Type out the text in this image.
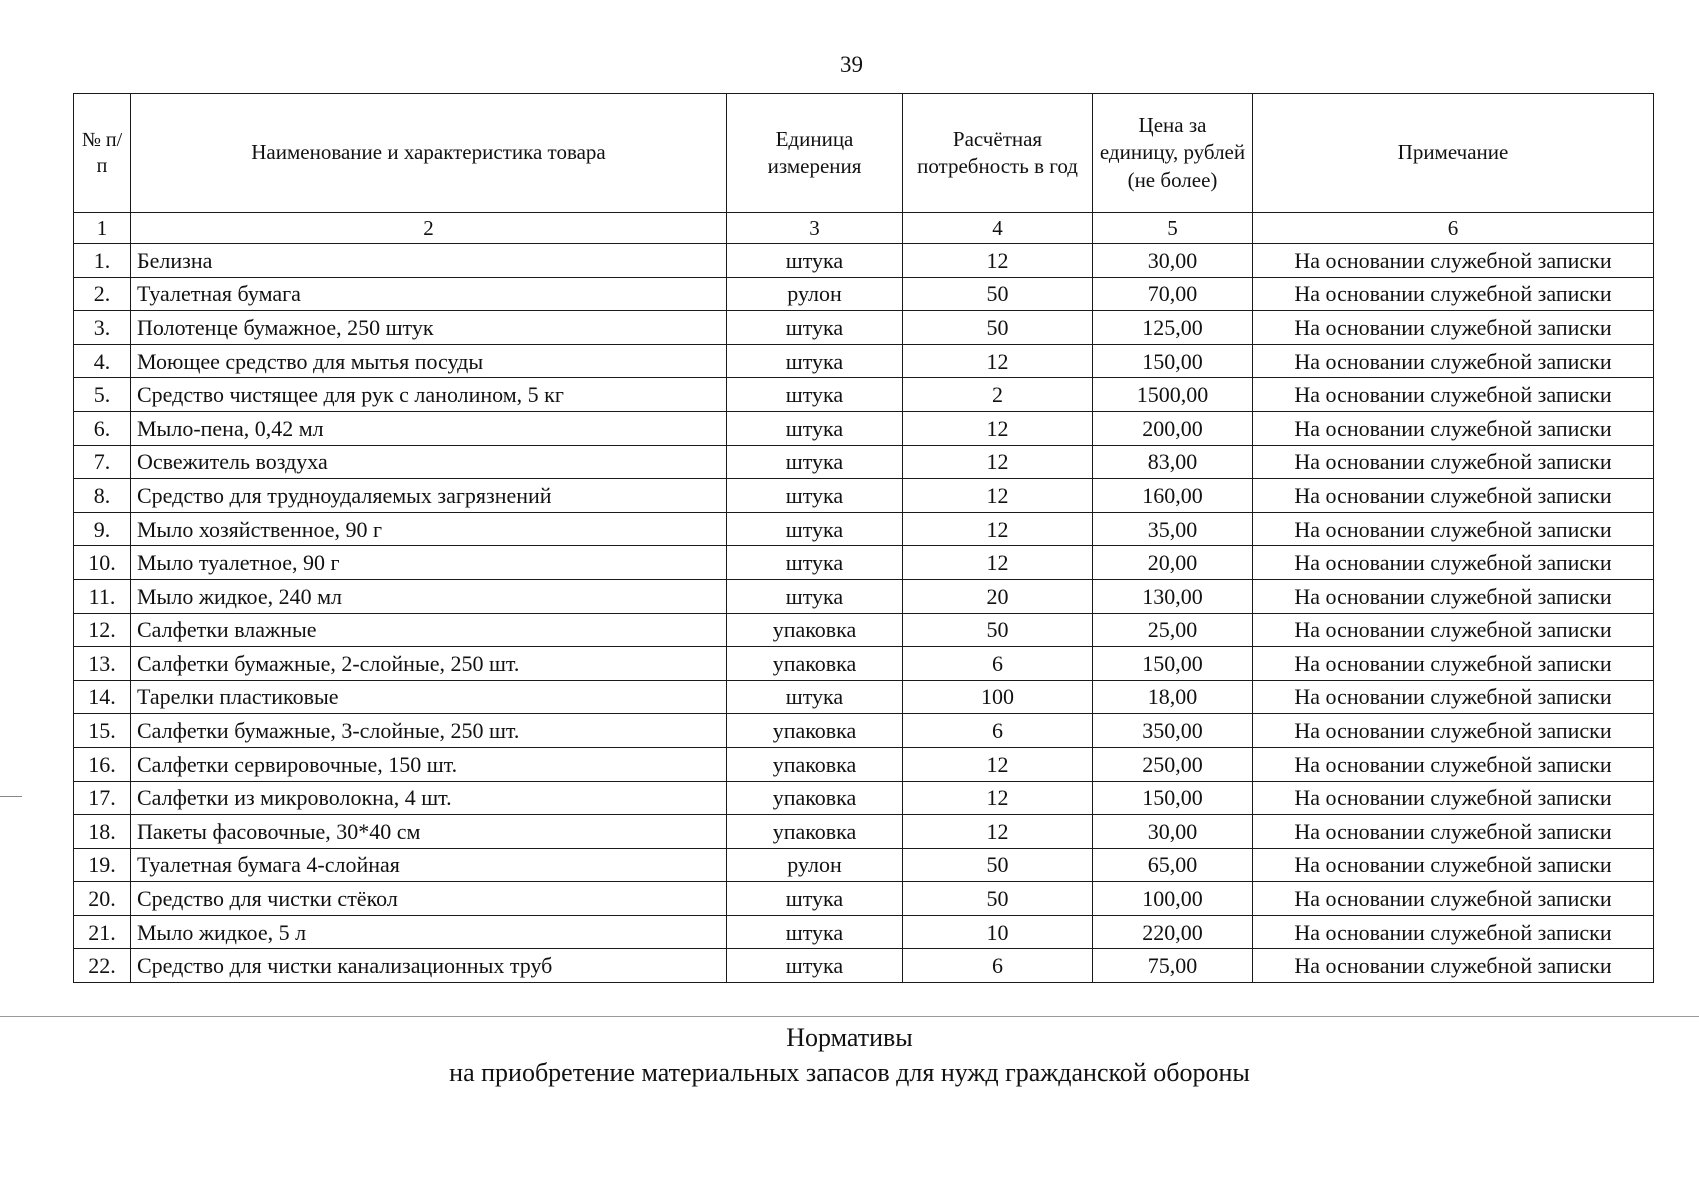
39
№ п/п	Наименование и характеристика товара	Единица измерения	Расчётная потребность в год	Цена за единицу, рублей (не более)	Примечание
1	2	3	4	5	6
1.	Белизна	штука	12	30,00	На основании служебной записки
2.	Туалетная бумага	рулон	50	70,00	На основании служебной записки
3.	Полотенце бумажное, 250 штук	штука	50	125,00	На основании служебной записки
4.	Моющее средство для мытья посуды	штука	12	150,00	На основании служебной записки
5.	Средство чистящее для рук с ланолином, 5 кг	штука	2	1500,00	На основании служебной записки
6.	Мыло-пена, 0,42 мл	штука	12	200,00	На основании служебной записки
7.	Освежитель воздуха	штука	12	83,00	На основании служебной записки
8.	Средство для трудноудаляемых загрязнений	штука	12	160,00	На основании служебной записки
9.	Мыло хозяйственное, 90 г	штука	12	35,00	На основании служебной записки
10.	Мыло туалетное, 90 г	штука	12	20,00	На основании служебной записки
11.	Мыло жидкое, 240 мл	штука	20	130,00	На основании служебной записки
12.	Салфетки влажные	упаковка	50	25,00	На основании служебной записки
13.	Салфетки бумажные, 2-слойные, 250 шт.	упаковка	6	150,00	На основании служебной записки
14.	Тарелки пластиковые	штука	100	18,00	На основании служебной записки
15.	Салфетки бумажные, 3-слойные, 250 шт.	упаковка	6	350,00	На основании служебной записки
16.	Салфетки сервировочные, 150 шт.	упаковка	12	250,00	На основании служебной записки
17.	Салфетки из микроволокна, 4 шт.	упаковка	12	150,00	На основании служебной записки
18.	Пакеты фасовочные, 30*40 см	упаковка	12	30,00	На основании служебной записки
19.	Туалетная бумага 4-слойная	рулон	50	65,00	На основании служебной записки
20.	Средство для чистки стёкол	штука	50	100,00	На основании служебной записки
21.	Мыло жидкое, 5 л	штука	10	220,00	На основании служебной записки
22.	Средство для чистки канализационных труб	штука	6	75,00	На основании служебной записки
Нормативы
на приобретение материальных запасов для нужд гражданской обороны
